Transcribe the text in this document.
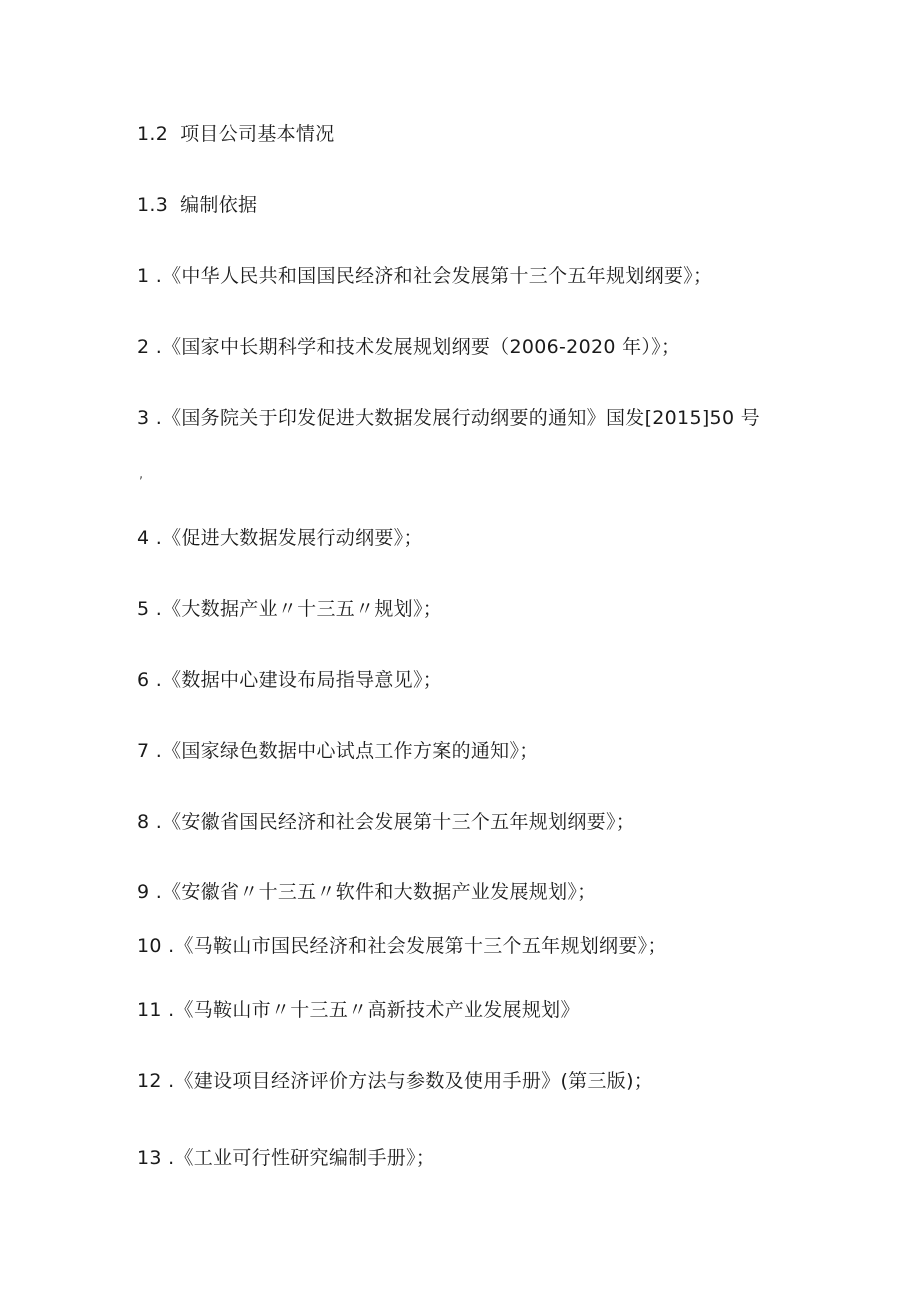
1.2 项目公司基本情况
1.3 编制依据
1 .《中华人民共和国国民经济和社会发展第十三个五年规划纲要》；
2 .《国家中长期科学和技术发展规划纲要（2006-2020 年）》；
3 .《国务院关于印发促进大数据发展行动纲要的通知》国发[2015]50 号
,
4 .《促进大数据发展行动纲要》；
5 .《大数据产业〃十三五〃规划》；
6 .《数据中心建设布局指导意见》；
7 .《国家绿色数据中心试点工作方案的通知》；
8 .《安徽省国民经济和社会发展第十三个五年规划纲要》；
9 .《安徽省〃十三五〃软件和大数据产业发展规划》；
10 .《马鞍山市国民经济和社会发展第十三个五年规划纲要》；
11 .《马鞍山市〃十三五〃高新技术产业发展规划》
12 .《建设项目经济评价方法与参数及使用手册》(第三版)；
13 .《工业可行性研究编制手册》；
